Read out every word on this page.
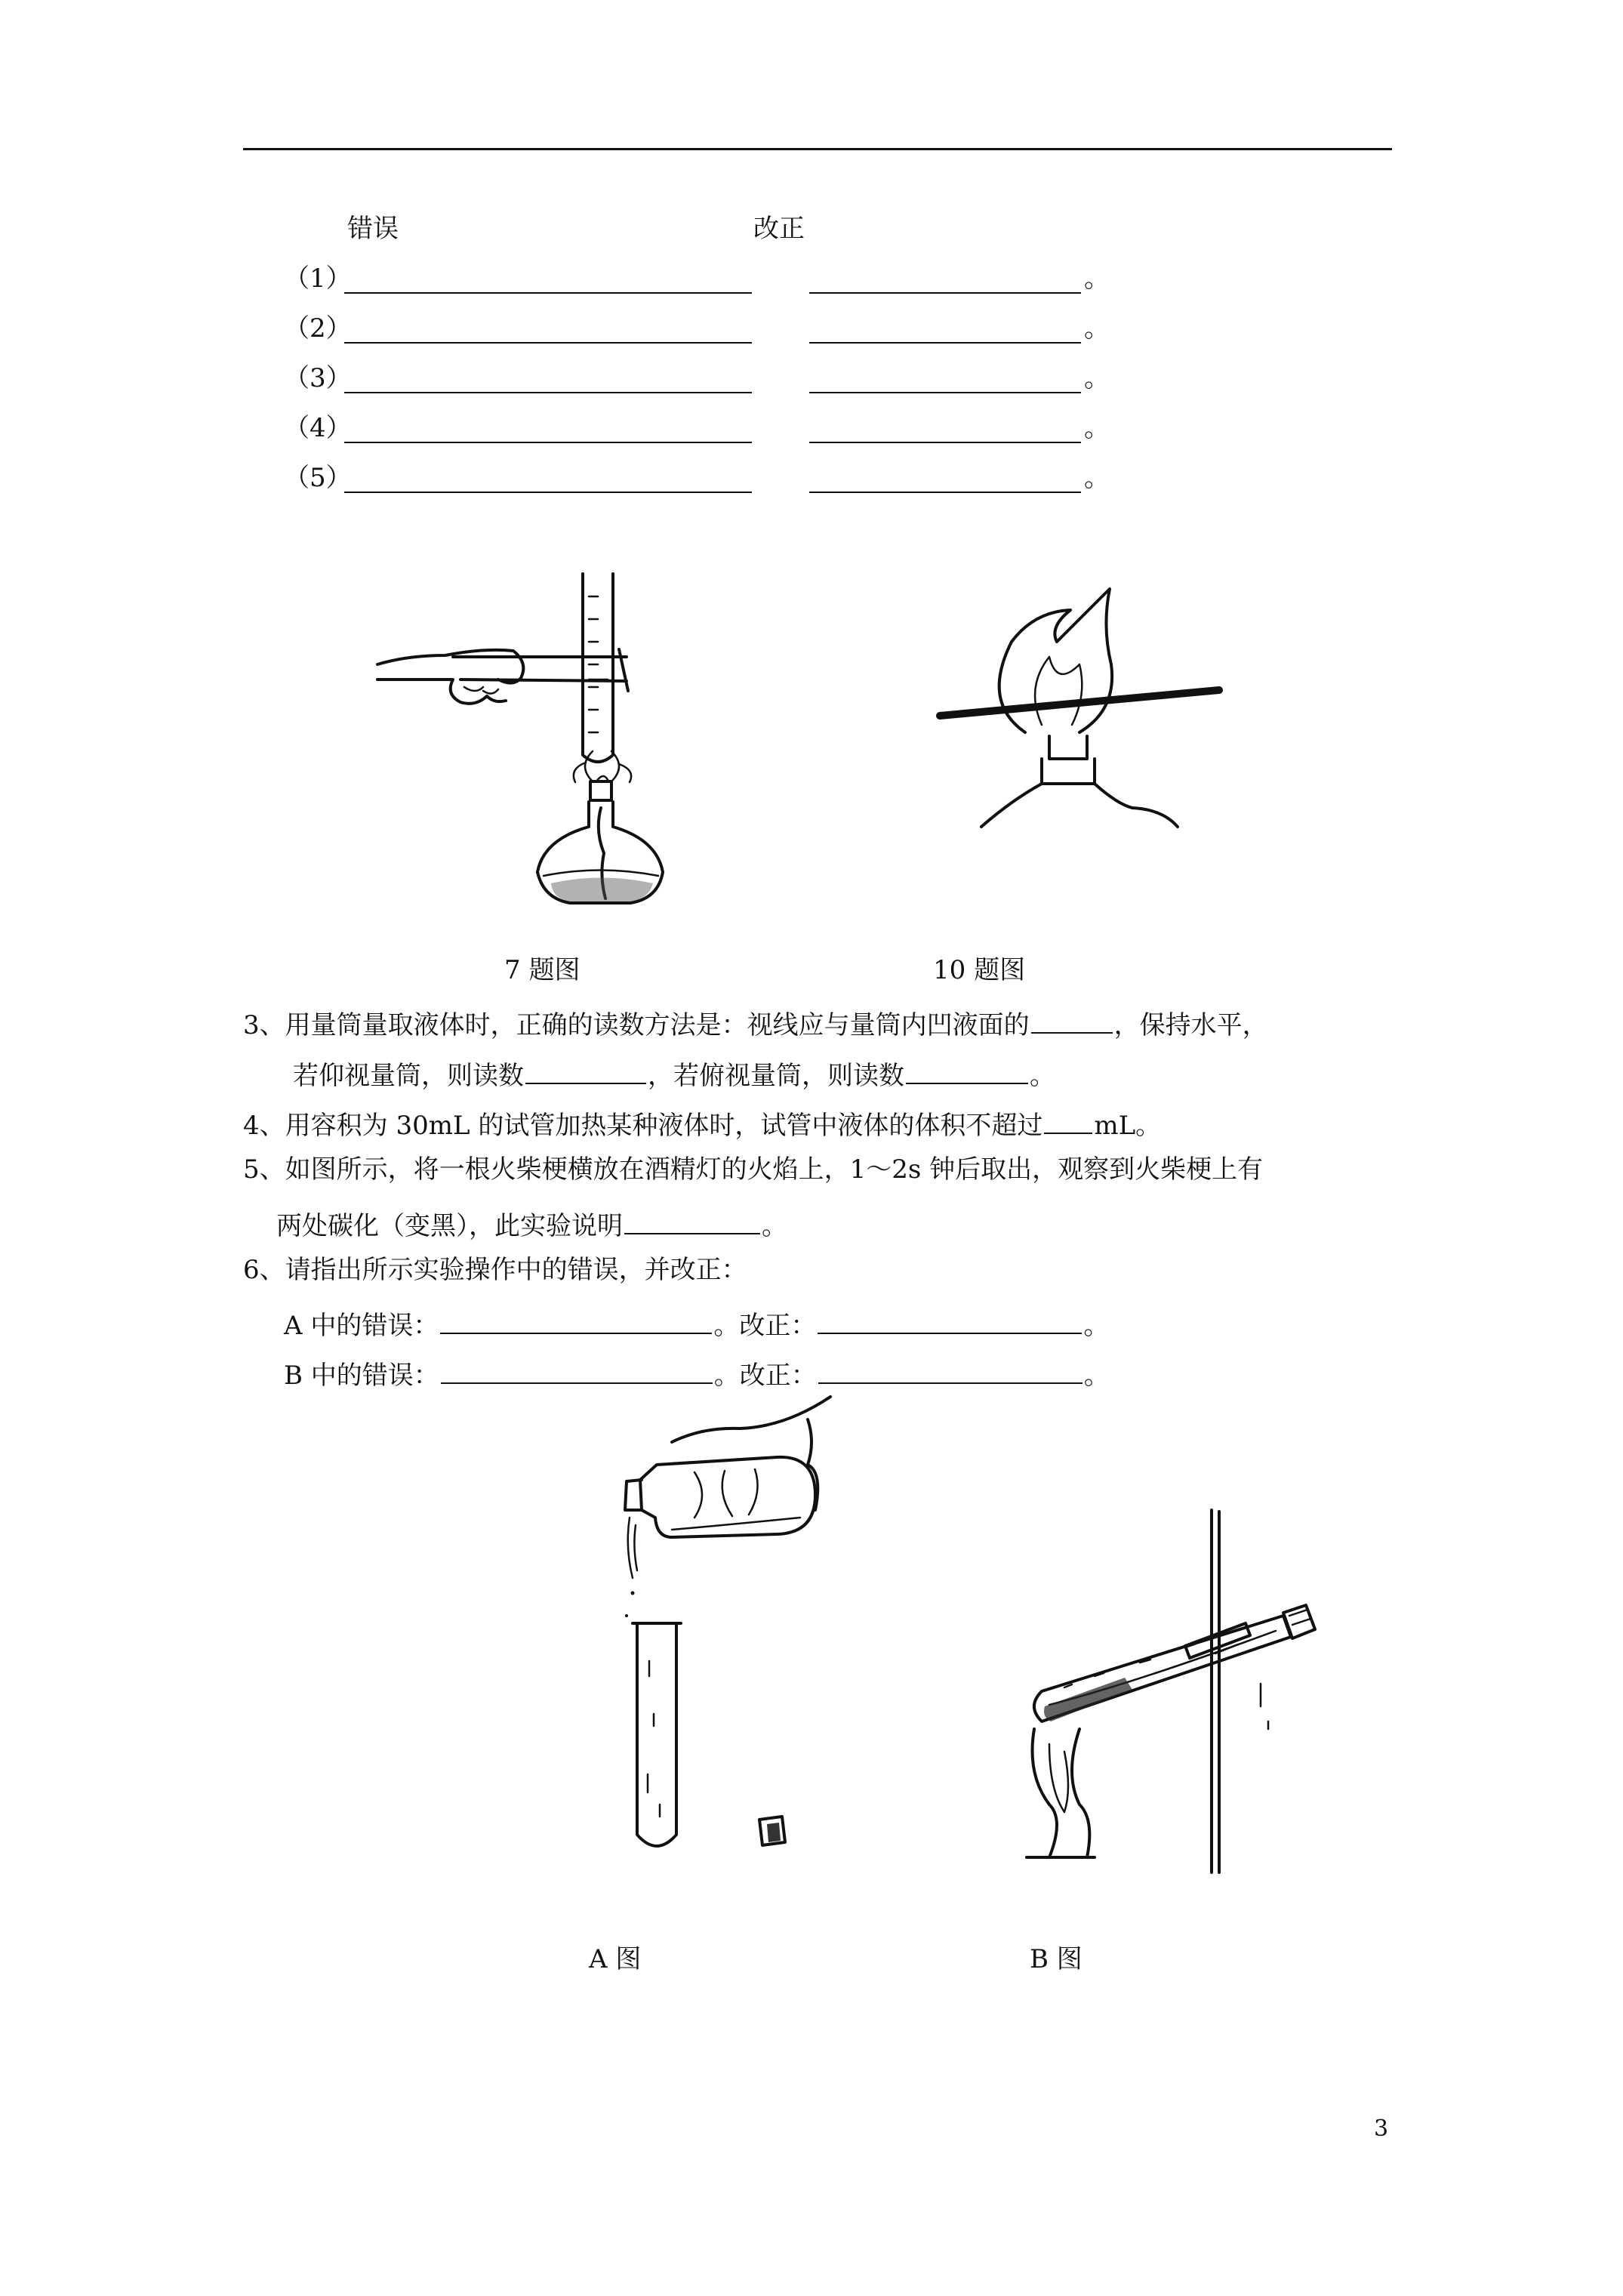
错误	改正
（1）	。
（2）	。
（3）	。
（4）	。
（5）	。
7 题图	10 题图
3、用量筒量取液体时，正确的读数方法是：视线应与量筒内凹液面的	，保持水平，
若仰视量筒，则读数	，若俯视量筒，则读数	。
4、用容积为 30mL 的试管加热某种液体时，试管中液体的体积不超过 mL。
5、如图所示，将一根火柴梗横放在酒精灯的火焰上，1～2s 钟后取出，观察到火柴梗上有
两处碳化（变黑），此实验说明	。
6、请指出所示实验操作中的错误，并改正：
A 中的错误：	。改正：	。
B 中的错误：	。改正：	。
A 图	B 图
3
